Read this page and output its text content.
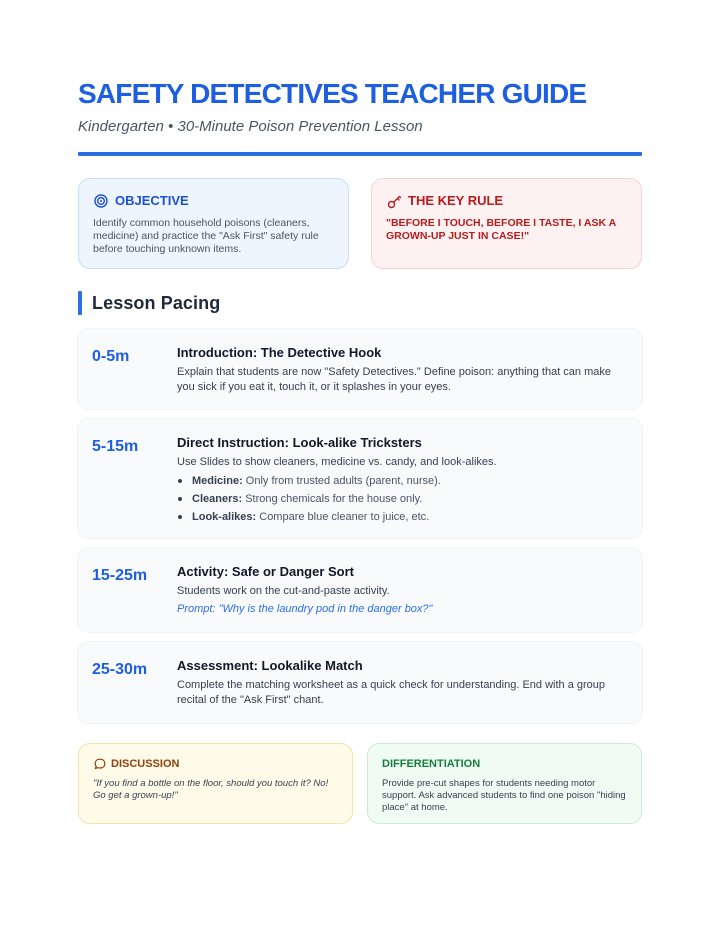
SAFETY DETECTIVES TEACHER GUIDE
Kindergarten • 30-Minute Poison Prevention Lesson
OBJECTIVE
Identify common household poisons (cleaners, medicine) and practice the "Ask First" safety rule before touching unknown items.
THE KEY RULE
"BEFORE I TOUCH, BEFORE I TASTE, I ASK A GROWN-UP JUST IN CASE!"
Lesson Pacing
0-5m	Introduction: The Detective Hook
Explain that students are now "Safety Detectives." Define poison: anything that can make you sick if you eat it, touch it, or it splashes in your eyes.
5-15m	Direct Instruction: Look-alike Tricksters
Use Slides to show cleaners, medicine vs. candy, and look-alikes.
Medicine: Only from trusted adults (parent, nurse).
Cleaners: Strong chemicals for the house only.
Look-alikes: Compare blue cleaner to juice, etc.
15-25m	Activity: Safe or Danger Sort
Students work on the cut-and-paste activity.
Prompt: "Why is the laundry pod in the danger box?"
25-30m	Assessment: Lookalike Match
Complete the matching worksheet as a quick check for understanding. End with a group recital of the "Ask First" chant.
DISCUSSION
"If you find a bottle on the floor, should you touch it? No! Go get a grown-up!"
DIFFERENTIATION
Provide pre-cut shapes for students needing motor support. Ask advanced students to find one poison "hiding place" at home.
